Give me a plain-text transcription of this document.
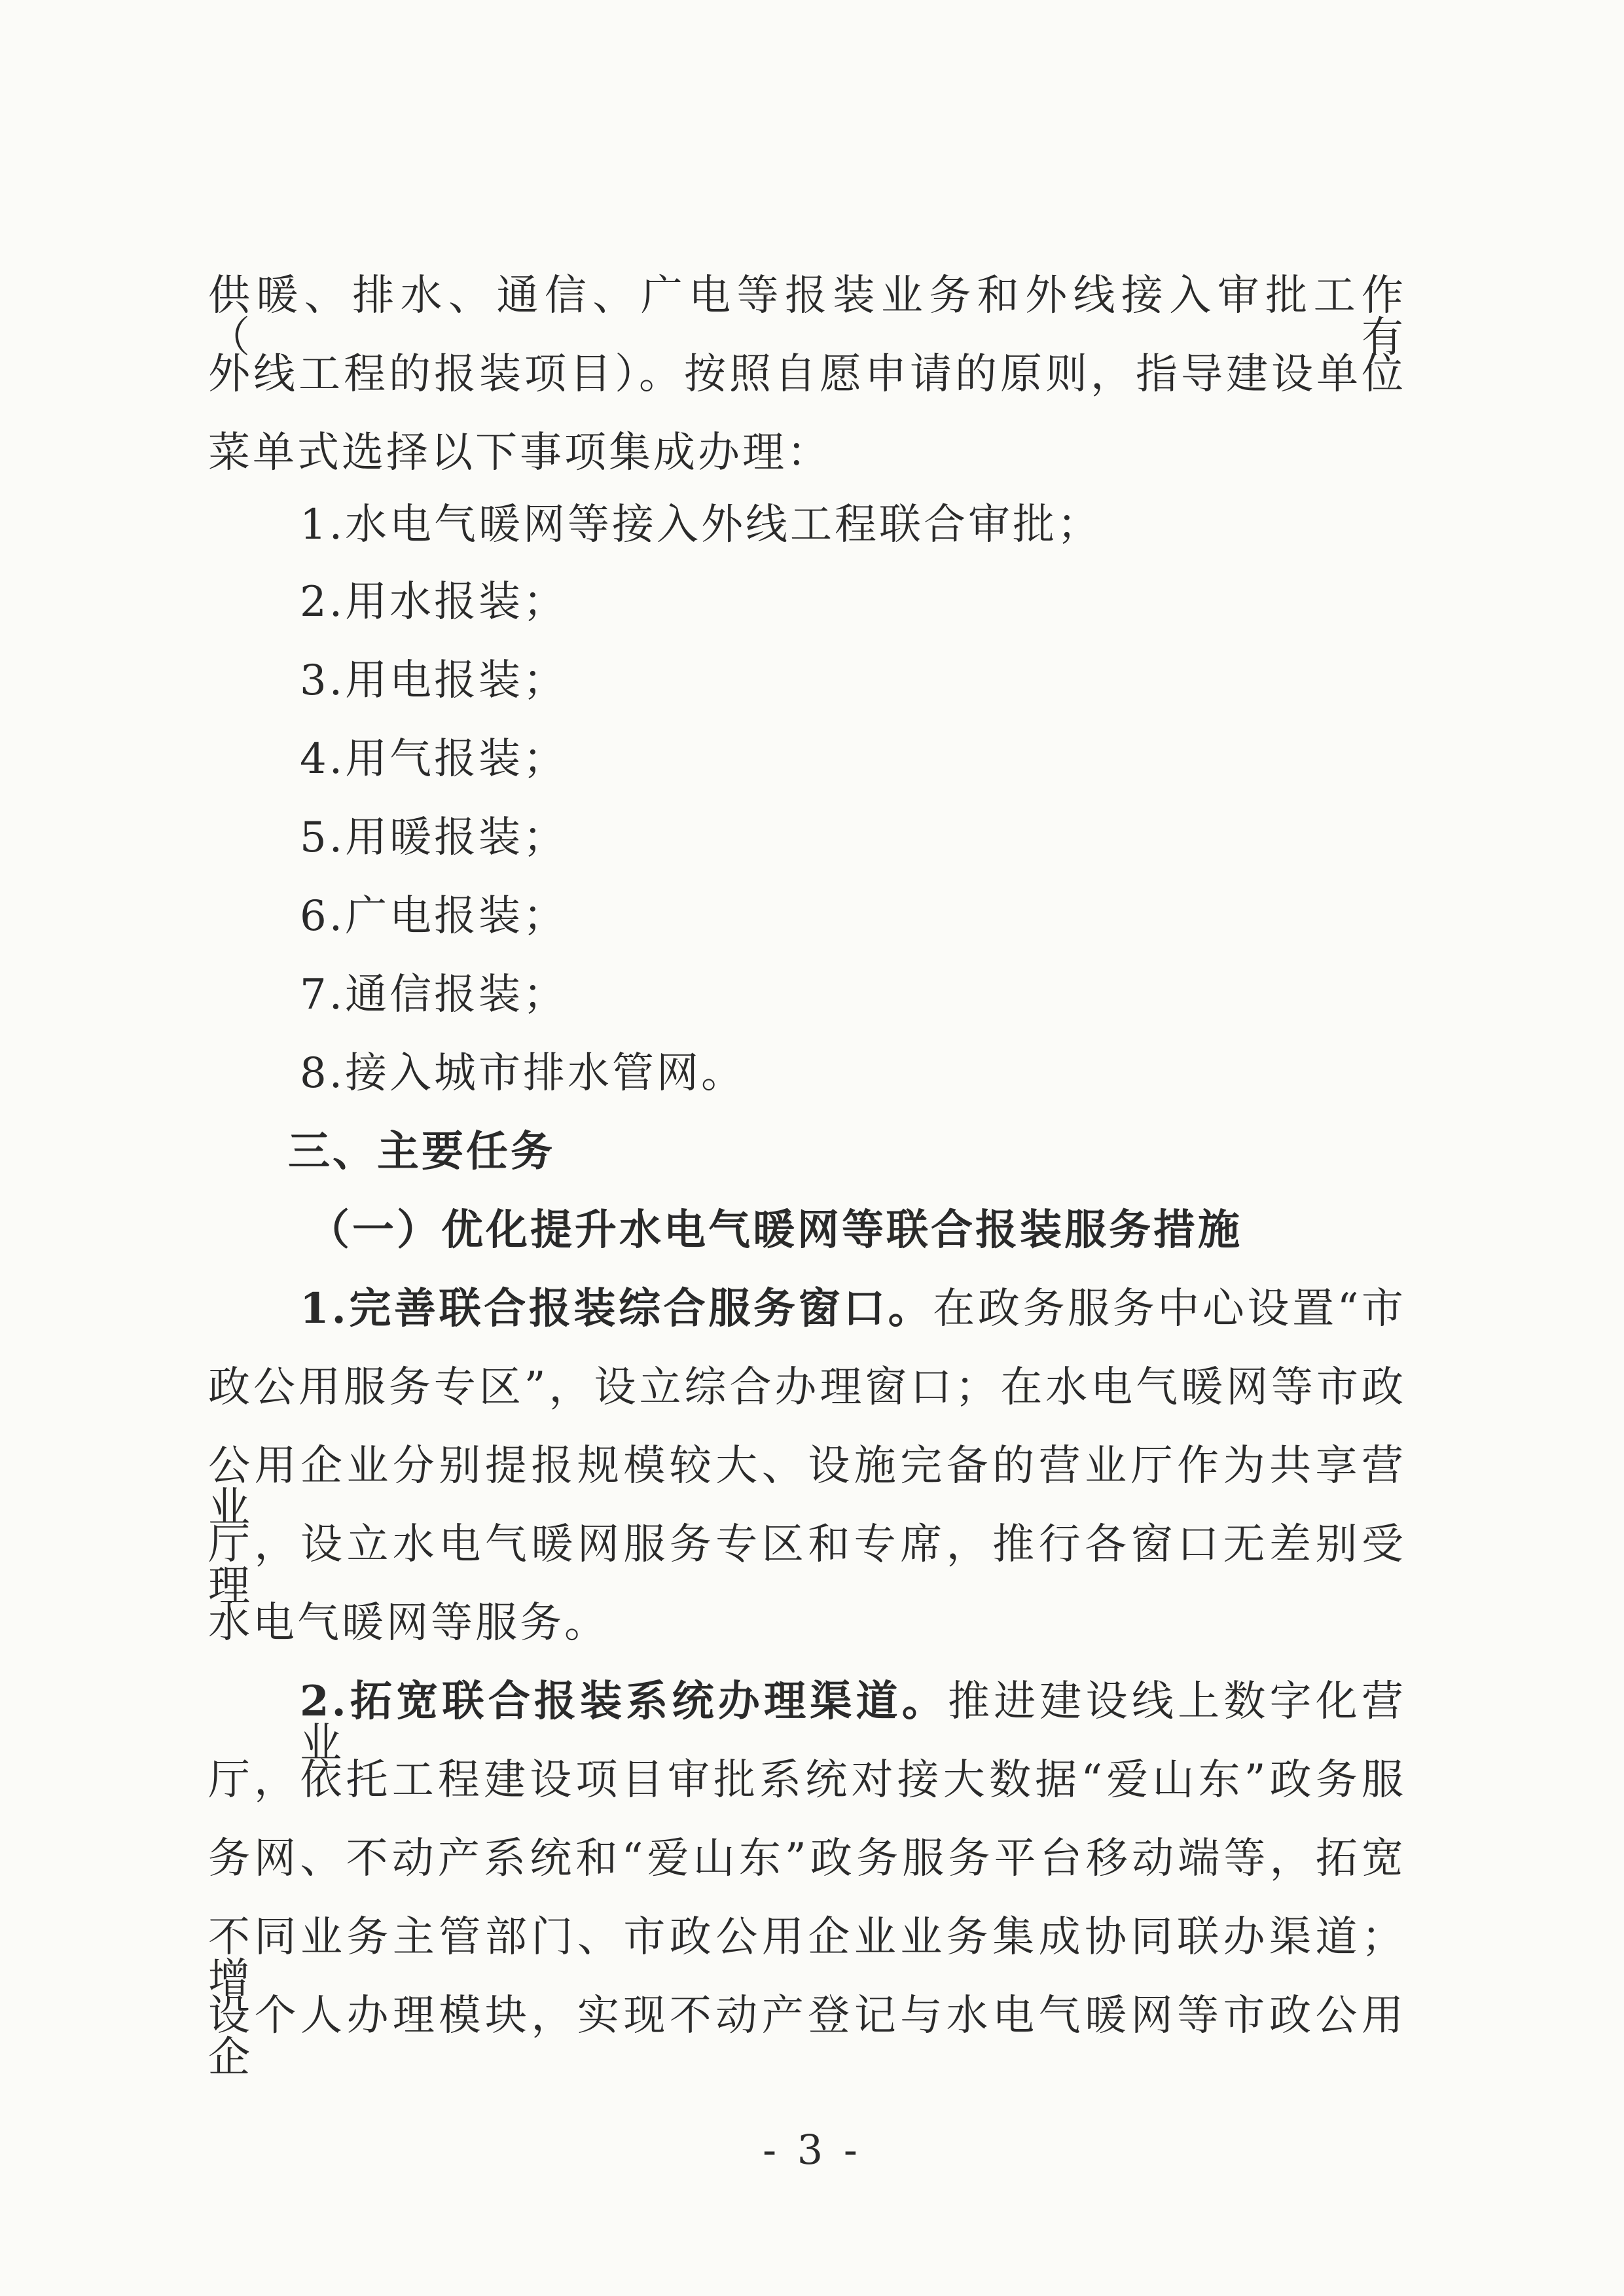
供暖、排水、通信、广电等报装业务和外线接入审批工作（有

外线工程的报装项目）。按照自愿申请的原则，指导建设单位

菜单式选择以下事项集成办理：

1.水电气暖网等接入外线工程联合审批；

2.用水报装；

3.用电报装；

4.用气报装；

5.用暖报装；

6.广电报装；

7.通信报装；

8.接入城市排水管网。

三、主要任务

（一）优化提升水电气暖网等联合报装服务措施

1.完善联合报装综合服务窗口。在政务服务中心设置“市

政公用服务专区”，设立综合办理窗口；在水电气暖网等市政

公用企业分别提报规模较大、设施完备的营业厅作为共享营业

厅，设立水电气暖网服务专区和专席，推行各窗口无差别受理

水电气暖网等服务。

2.拓宽联合报装系统办理渠道。推进建设线上数字化营业

厅，依托工程建设项目审批系统对接大数据“爱山东”政务服

务网、不动产系统和“爱山东”政务服务平台移动端等，拓宽

不同业务主管部门、市政公用企业业务集成协同联办渠道；增

设个人办理模块，实现不动产登记与水电气暖网等市政公用企

- 3 -
